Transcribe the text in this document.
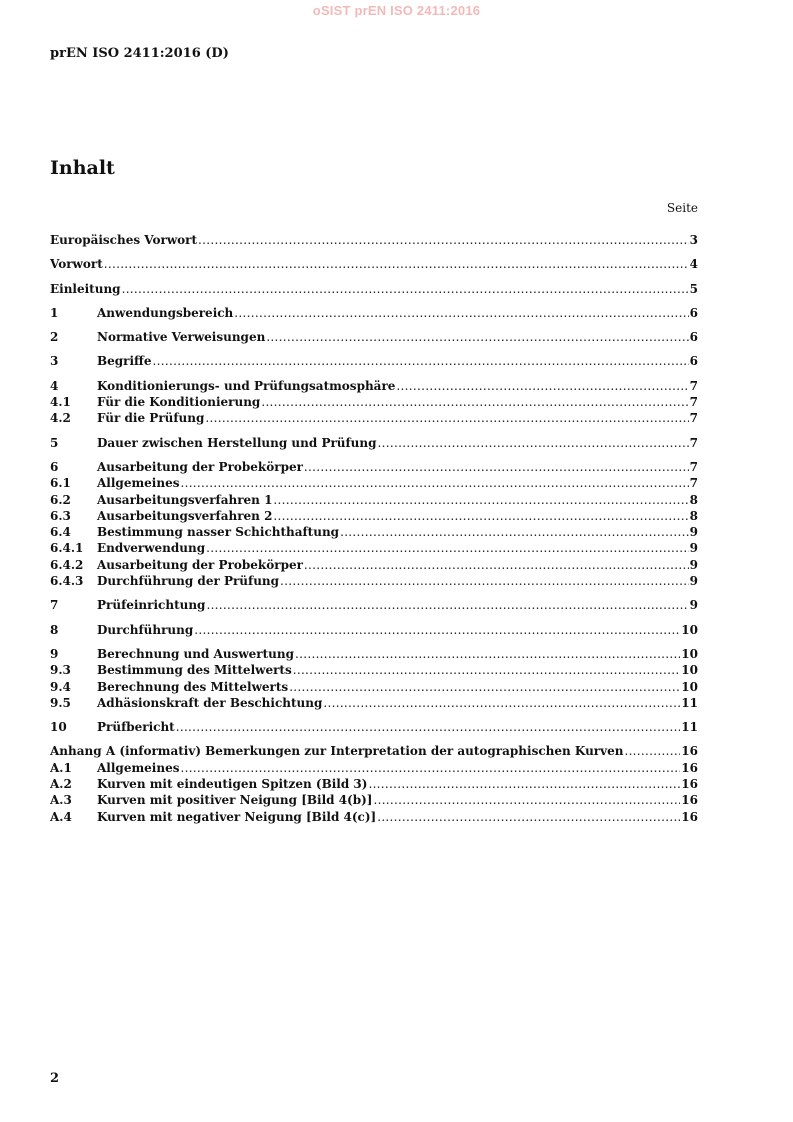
oSIST prEN ISO 2411:2016
prEN ISO 2411:2016 (D)
Inhalt
Seite
Europäisches Vorwort .....	3
Vorwort .....	4
Einleitung .....	5
1	Anwendungsbereich .....	6
2	Normative Verweisungen .....	6
3	Begriffe .....	6
4	Konditionierungs- und Prüfungsatmosphäre .....	7
4.1	Für die Konditionierung .....	7
4.2	Für die Prüfung .....	7
5	Dauer zwischen Herstellung und Prüfung .....	7
6	Ausarbeitung der Probekörper .....	7
6.1	Allgemeines .....	7
6.2	Ausarbeitungsverfahren 1 .....	8
6.3	Ausarbeitungsverfahren 2 .....	8
6.4	Bestimmung nasser Schichthaftung .....	9
6.4.1	Endverwendung .....	9
6.4.2	Ausarbeitung der Probekörper .....	9
6.4.3	Durchführung der Prüfung .....	9
7	Prüfeinrichtung .....	9
8	Durchführung .....	10
9	Berechnung und Auswertung .....	10
9.3	Bestimmung des Mittelwerts .....	10
9.4	Berechnung des Mittelwerts .....	10
9.5	Adhäsionskraft der Beschichtung .....	11
10	Prüfbericht .....	11
Anhang A (informativ) Bemerkungen zur Interpretation der autographischen Kurven .....	16
A.1	Allgemeines .....	16
A.2	Kurven mit eindeutigen Spitzen (Bild 3) .....	16
A.3	Kurven mit positiver Neigung [Bild 4(b)] .....	16
A.4	Kurven mit negativer Neigung [Bild 4(c)] .....	16
2
